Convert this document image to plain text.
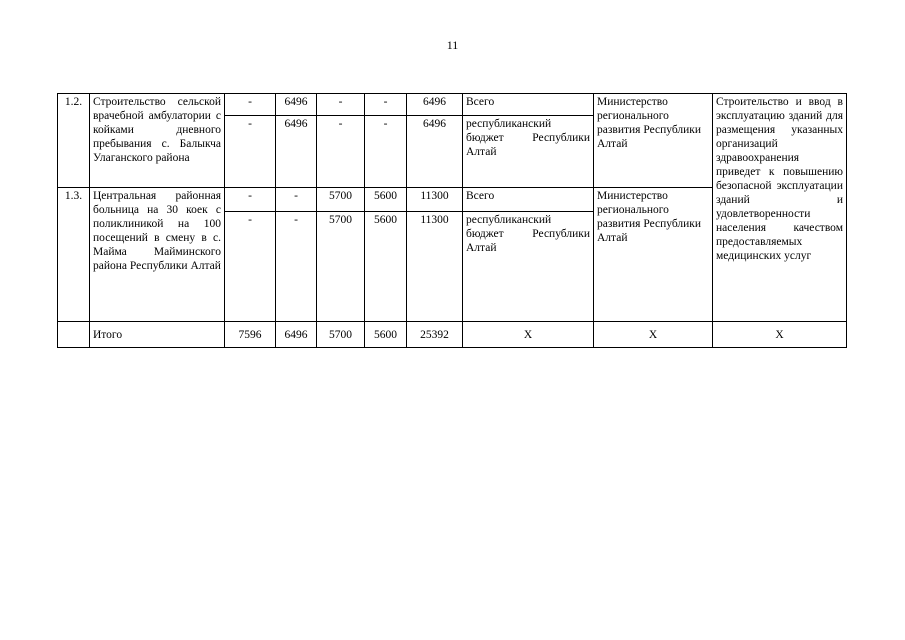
11
1.2.	Строительство сельской врачебной амбулатории с койками дневного пребывания с. Балыкча Улаганского района	-	6496	-	-	6496	Всего	Министерство регионального развития Республики Алтай	Строительство и ввод в эксплуатацию зданий для размещения указанных организаций здравоохранения приведет к повышению безопасной эксплуатации зданий и удовлетворенности населения качеством предоставляемых медицинских услуг
		-	6496	-	-	6496	республиканский бюджет Республики Алтай		
1.3.	Центральная районная больница на 30 коек с поликлиникой на 100 посещений в смену в с. Майма Майминского района Республики Алтай	-	-	5700	5600	11300	Всего	Министерство регионального развития Республики Алтай	
		-	-	5700	5600	11300	республиканский бюджет Республики Алтай		
	Итого	7596	6496	5700	5600	25392	X	X	X
